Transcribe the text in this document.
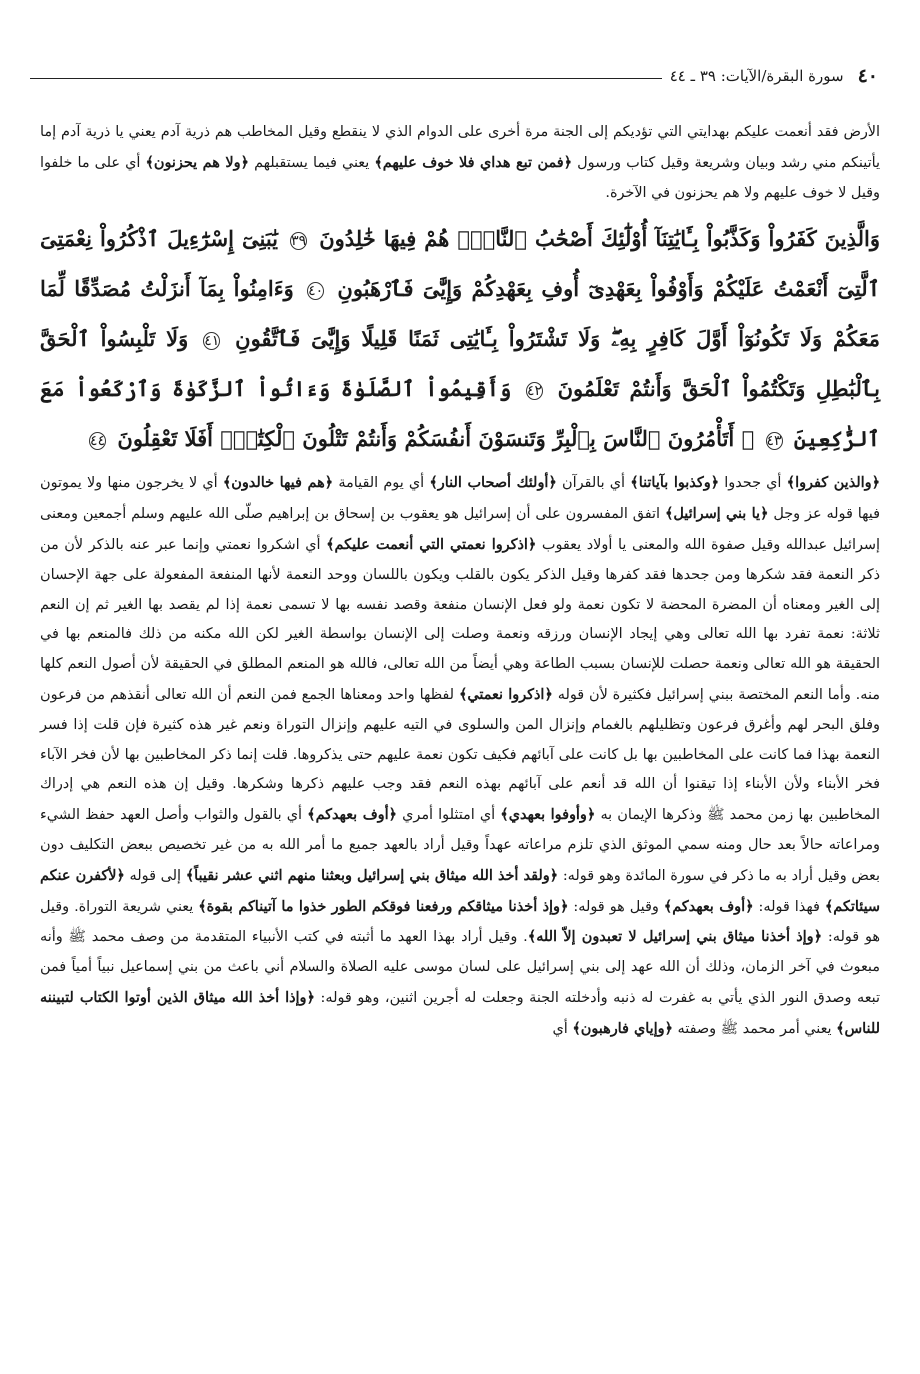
٤٠
سورة البقرة/الآيات: ٣٩ ـ ٤٤

الأرض فقد أنعمت عليكم بهدايتي التي تؤديكم إلى الجنة مرة أخرى على الدوام الذي لا ينقطع وقيل المخاطب هم ذرية آدم يعني يا ذرية آدم إما يأتينكم مني رشد وبيان وشريعة وقيل كتاب ورسول ﴿فمن تبع هداي فلا خوف عليهم﴾ يعني فيما يستقبلهم ﴿ولا هم يحزنون﴾ أي على ما خلفوا وقيل لا خوف عليهم ولا هم يحزنون في الآخرة.

وَالَّذِينَ كَفَرُواْ وَكَذَّبُواْ بِـَٔايَٰتِنَآ أُوْلَٰٓئِكَ أَصْحَٰبُ ٱلنَّارِۖ هُمْ فِيهَا خَٰلِدُونَ ٣٩ يَٰبَنِىٓ إِسْرَٰٓءِيلَ ٱذْكُرُواْ نِعْمَتِىَ ٱلَّتِىٓ أَنْعَمْتُ عَلَيْكُمْ وَأَوْفُواْ بِعَهْدِىٓ أُوفِ بِعَهْدِكُمْ وَإِيَّٰىَ فَٱرْهَبُونِ ٤٠ وَءَامِنُواْ بِمَآ أَنزَلْتُ مُصَدِّقًا لِّمَا مَعَكُمْ وَلَا تَكُونُوٓاْ أَوَّلَ كَافِرٍ بِهِۦۖ وَلَا تَشْتَرُواْ بِـَٔايَٰتِى ثَمَنًا قَلِيلًا وَإِيَّٰىَ فَٱتَّقُونِ ٤١ وَلَا تَلْبِسُواْ ٱلْحَقَّ بِٱلْبَٰطِلِ وَتَكْتُمُواْ ٱلْحَقَّ وَأَنتُمْ تَعْلَمُونَ ٤٢ وَأَقِيمُواْ ٱلصَّلَوٰةَ وَءَاتُواْ ٱلزَّكَوٰةَ وَٱرْكَعُواْ مَعَ ٱلرَّٰكِعِينَ ٤٣ ۞ أَتَأْمُرُونَ ٱلنَّاسَ بِٱلْبِرِّ وَتَنسَوْنَ أَنفُسَكُمْ وَأَنتُمْ تَتْلُونَ ٱلْكِتَٰبَۚ أَفَلَا تَعْقِلُونَ ٤٤

﴿والذين كفروا﴾ أي جحدوا ﴿وكذبوا بآياتنا﴾ أي بالقرآن ﴿أولئك أصحاب النار﴾ أي يوم القيامة ﴿هم فيها خالدون﴾ أي لا يخرجون منها ولا يموتون فيها قوله عز وجل ﴿يا بني إسرائيل﴾ اتفق المفسرون على أن إسرائيل هو يعقوب بن إسحاق بن إبراهيم صلّى الله عليهم وسلم أجمعين ومعنى إسرائيل عبدالله وقيل صفوة الله والمعنى يا أولاد يعقوب ﴿اذكروا نعمتي التي أنعمت عليكم﴾ أي اشكروا نعمتي وإنما عبر عنه بالذكر لأن من ذكر النعمة فقد شكرها ومن جحدها فقد كفرها وقيل الذكر يكون بالقلب ويكون باللسان ووحد النعمة لأنها المنفعة المفعولة على جهة الإحسان إلى الغير ومعناه أن المضرة المحضة لا تكون نعمة ولو فعل الإنسان منفعة وقصد نفسه بها لا تسمى نعمة إذا لم يقصد بها الغير ثم إن النعم ثلاثة: نعمة تفرد بها الله تعالى وهي إيجاد الإنسان ورزقه ونعمة وصلت إلى الإنسان بواسطة الغير لكن الله مكنه من ذلك فالمنعم بها في الحقيقة هو الله تعالى ونعمة حصلت للإنسان بسبب الطاعة وهي أيضاً من الله تعالى، فالله هو المنعم المطلق في الحقيقة لأن أصول النعم كلها منه. وأما النعم المختصة ببني إسرائيل فكثيرة لأن قوله ﴿اذكروا نعمتي﴾ لفظها واحد ومعناها الجمع فمن النعم أن الله تعالى أنقذهم من فرعون وفلق البحر لهم وأغرق فرعون وتظليلهم بالغمام وإنزال المن والسلوى في التيه عليهم وإنزال التوراة ونعم غير هذه كثيرة فإن قلت إذا فسر النعمة بهذا فما كانت على المخاطبين بها بل كانت على آبائهم فكيف تكون نعمة عليهم حتى يذكروها. قلت إنما ذكر المخاطبين بها لأن فخر الآباء فخر الأبناء ولأن الأبناء إذا تيقنوا أن الله قد أنعم على آبائهم بهذه النعم فقد وجب عليهم ذكرها وشكرها. وقيل إن هذه النعم هي إدراك المخاطبين بها زمن محمد ﷺ وذكرها الإيمان به ﴿وأوفوا بعهدي﴾ أي امتثلوا أمري ﴿أوف بعهدكم﴾ أي بالقول والثواب وأصل العهد حفظ الشيء ومراعاته حالاً بعد حال ومنه سمي الموثق الذي تلزم مراعاته عهداً وقيل أراد بالعهد جميع ما أمر الله به من غير تخصيص ببعض التكليف دون بعض وقيل أراد به ما ذكر في سورة المائدة وهو قوله: ﴿ولقد أخذ الله ميثاق بني إسرائيل وبعثنا منهم اثني عشر نقيباً﴾ إلى قوله ﴿لأكفرن عنكم سيئاتكم﴾ فهذا قوله: ﴿أوف بعهدكم﴾ وقيل هو قوله: ﴿وإذ أخذنا ميثاقكم ورفعنا فوقكم الطور خذوا ما آتيناكم بقوة﴾ يعني شريعة التوراة. وقيل هو قوله: ﴿وإذ أخذنا ميثاق بني إسرائيل لا تعبدون إلاّ الله﴾. وقيل أراد بهذا العهد ما أثبته في كتب الأنبياء المتقدمة من وصف محمد ﷺ وأنه مبعوث في آخر الزمان، وذلك أن الله عهد إلى بني إسرائيل على لسان موسى عليه الصلاة والسلام أني باعث من بني إسماعيل نبياً أمياً فمن تبعه وصدق النور الذي يأتي به غفرت له ذنبه وأدخلته الجنة وجعلت له أجرين اثنين، وهو قوله: ﴿وإذا أخذ الله ميثاق الذين أوتوا الكتاب لتبيننه للناس﴾ يعني أمر محمد ﷺ وصفته ﴿وإياي فارهبون﴾ أي
